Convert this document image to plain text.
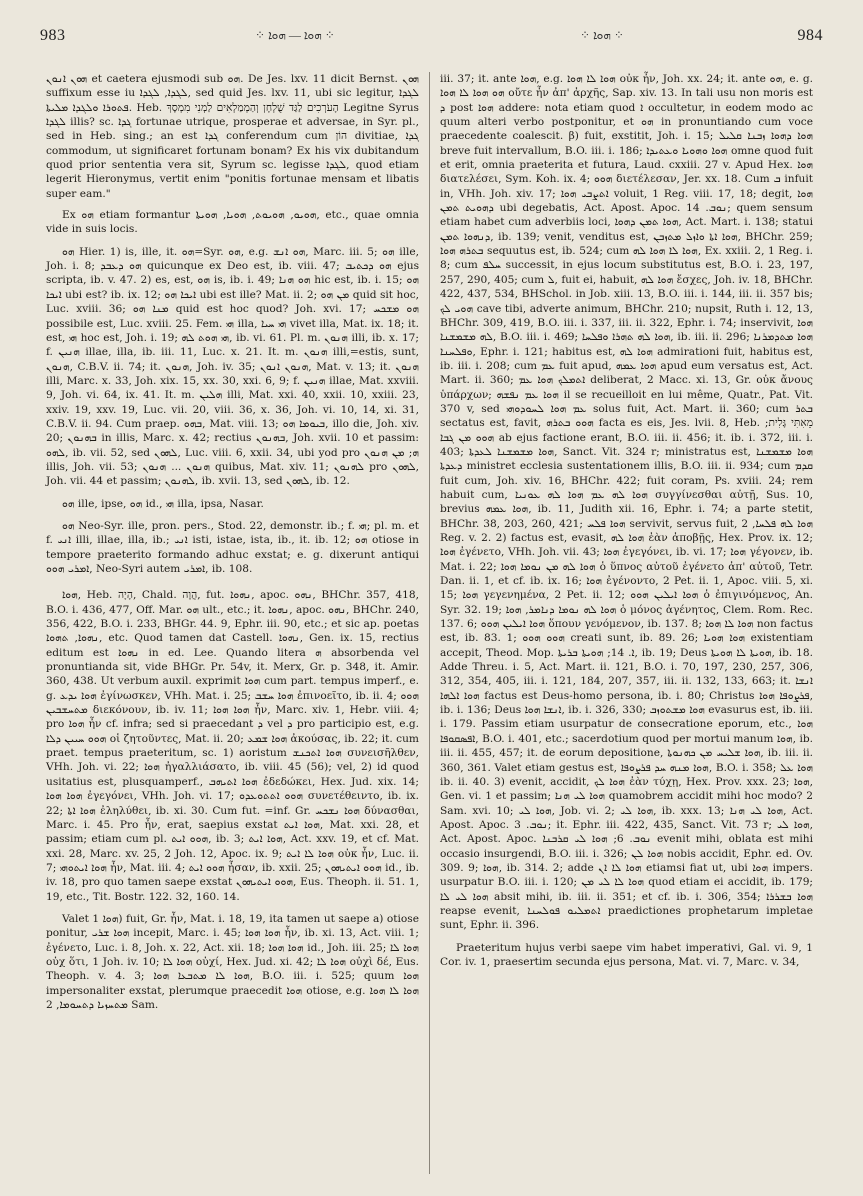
983	⁘ ܗܘܐ — ܗܘܐ ⁘	⁘ ܗܘܐ ⁘	984

ܗܘܢ ܐܢܘܢ et caetera ejusmodi sub ܗܘ. De Jes. lxv. 11 dicit Bernst. ܗܘܢ suffixum esse iu ܠܓܕܐ, ܠܓܕܐ, sed quid Jes. lxv. 11, ubi sic legitur, ܠܓܕܐ ܦܬܘܪܐ ܘܠܓܕܐ ܡܠܝܬܐ. Heb. הָעֹרְכִים לַגַּד שֻׁלְחָן וְהַמְמַלְאִים לַמְנִי מִמְסָךְ Legitne Syrus ܠܓܕܐ illis? sc. ܓܕܐ fortunae utrique, prosperae et adversae, in Syr. pl., sed in Heb. sing.; an est ܓܕܐ conferendum cum הוֹן divitiae, ܓܕܐ commodum, ut significaret fortunam bonam? Ex his vix dubitandum quod prior sententia vera sit, Syrum sc. legisse ܠܓܕܐ, quod etiam legerit Hieronymus, vertit enim "ponitis fortunae mensam et libatis super eam."

Ex ܗܘ etiam formantur ܗܘܝܘ, ܗܘܝܘܬ, ܗܘܝܐ, ܗܘܝܬܐ, etc., quae omnia vide in suis locis.

ܗܘ Hier. 1) is, ille, it. ܗܘ=Syr. ܗܘ, e.g. ܗܘ ܐܢܫ, Marc. iii. 5; ܗܘ ille, Joh. i. 8; ܗܘ ܕܥܒܕ quicunque ex Deo est, ib. viii. 47; ܗܘ ܕܟܬܝܒ ejus scripta, ib. v. 47. 2) es, est, ܗܘ is, ib. i. 49; ܗܘ ܗܢܐ hic est, ib. i. 15; ܗܘ ܐܝܟܐ ubi est? ib. ix. 12; ܐܝܟܐ ܗܘ ubi est ille? Mat. ii. 2; ܡܢ ܗܘ quid sit hoc, Luc. xviii. 36; ܡܢܐ ܗܘ quid est hoc quod? Joh. xvi. 17; ܗܘ ܡܫܟܚ possibile est, Luc. xviii. 25. Fem. ܗܝ illa, ܗܝ ܚܝܐ vivet illa, Mat. ix. 18; it. est, ܗܝ hoc est, Joh. i. 19; ܗܝ ܗܘܬ ܠܗ, ib. vi. 61. Pl. m. ܗܢܘܢ illi, ib. x. 17; f. ܗܢܝܢ illae, illa, ib. iii. 11, Luc. x. 21. It. m. ܗܢܘܢ illi,=estis, sunt, ܗܢܘܢ, C.B.V. ii. 74; it. ܗܢܘܢ, Joh. iv. 35; ܗܢܘܢ ܐܢܘܢ, Mat. v. 13; it. ܗܢܘܢ illi, Marc. x. 33, Joh. xix. 15, xx. 30, xxi. 6, 9; f. ܗܢܝܢ illae, Mat. xxviii. 9, Joh. vi. 64, ix. 41. It. m. ܗܠܝܢ illi, Mat. xxi. 40, xxii. 10, xxiii. 23, xxiv. 19, xxv. 19, Luc. vii. 20, viii. 36, x. 36, Joh. vi. 10, 14, xi. 31, C.B.V. ii. 94. Cum praep. ܒܗܘ, Mat. viii. 13; ܒܝܘܡܐ ܗܘ, illo die, Joh. xiv. 20; ܒܗܢܘܢ in illis, Marc. x. 42; rectius ܒܗܢܘܢ, Joh. xvii. 10 et passim: ܠܗܘ, ib. vii. 52, sed ܠܗܘܢ, Luc. viii. 6, xxii. 34, ubi yod pro ܗ; ܡܢ ܗܢܘܢ illis, Joh. vii. 53; ܗܢܘܢ ... ܗܢܘܢ quibus, Mat. xiv. 11; ܠܗܢܘܢ pro ܠܗܘܢ, Joh. vii. 44 et passim; ܠܗܢܘܢ, ib. xvii. 13, sed ܠܗܘܢ, ib. 12.

ܗܘ ille, ipse, ܗܘ id., ܗܝ illa, ipsa, Nasar.

ܗܘ Neo-Syr. ille, pron. pers., Stod. 22, demonstr. ib.; f. ܗܝ; pl. m. et f. ܐܢܝ illi, illae, illa, ib.; ܐܢܝ isti, istae, ista, ib., it. ib. 12; ܗܘ otiose in tempore praeterito formando adhuc exstat; e. g. dixerunt antiqui ܐܡܪܝ ܗܘܘ, Neo-Syri autem ܐܡܪܝ, ib. 108.

ܗܘܐ, Heb. הָיָה, Chald. הֲוָה, fut. ܢܗܘܐ, apoc. ܢܗܘ, BHChr. 357, 418, B.O. i. 436, 477, Off. Mar. ܗܘ ult., etc.; it. ܢܗܘܐ, apoc. ܢܗܘ, BHChr. 240, 356, 422, B.O. i. 233, BHGr. 44. 9, Ephr. iii. 90, etc.; et sic ap. poetas ܢܗܘܐ, ܬܗܘܐ, etc. Quod tamen dat Castell. ܢܗܘܐ, Gen. ix. 15, rectius editum est ܢܗܘܐ in ed. Lee. Quando litera ܗ absorbenda vel pronuntianda sit, vide BHGr. Pr. 54v, it. Merx, Gr. p. 348, it. Amir. 360, 438. Ut verbum auxil. exprimit ܗܘܐ cum part. tempus imperf., e. g. ܗܘܐ ܝܕܥ ἐγίνωσκεν, VHh. Mat. i. 25; ܗܘܐ ܚܫܒ ἐπινοεῖτο, ib. ii. 4; ܗܘܘ ܡܬܚܫܒܝܢ διεκόνουν, ib. iv. 11; ܗܘܐ ܗܘܐ ἦν, Marc. xiv. 1, Hebr. viii. 4; pro ܗܘܐ ἦν cf. infra; sed si praecedant ܕ vel ܕ pro participio est, e.g. ܗܘܘ ܚܝܝܢ ܕܠܐ οἱ ζητοῦντες, Mat. ii. 20; ܗܘܐ ܫܡܥ ἀκούσας, ib. 22; it. cum praet. tempus praeteritum, sc. 1) aoristum ܗܘܐ ܐܬܟܢܫ συνεισῆλθεν, VHh. Joh. vi. 22; ܗܘܐ ἠγαλλιάσατο, ib. viii. 45 (56); vel, 2) id quod usitatius est, plusquamperf., ܗܘܐ ܐܬܝܗܒ ἐδεδώκει, Hex. Jud. xix. 14; ܗܘܐ ܗܘܐ ἐγεγόνει, VHh. Joh. vi. 17; ܗܘܘ ܐܬܬܘܥܕܘ συνετέθειντο, ib. ix. 22; ܗܘܐ ܐܬܐ ἐληλύθει, ib. xi. 30. Cum fut. =inf. Gr. ܗܘܐ ܢܫܟܚ δύνασθαι, Marc. i. 45. Pro ἦν, erat, saepius exstat ܗܘܐ ܐܝܬ, Mat. xxi. 28, et passim; etiam cum pl. ܗܘܘ ܐܝܬ, ib. 3; ܗܘܐ ܐܝܬ, Act. xxv. 19, et cf. Mat. xxi. 28, Marc. xv. 25, 2 Joh. 12, Apoc. ix. 9; ܗܘܐ ܠܐ ܐܝܬ οὐκ ἦν, Luc. ii. 7; ܗܘܐ ܐܝܬܘܗܝ ἦν, Mat. iii. 4; ܗܘܘ ܐܝܬ ἦσαν, ib. xxii. 25; ܗܘܘ ܐܝܬܝܗܘܢ id., ib. iv. 18, pro quo tamen saepe exstat ܗܘܘ ܐܝܬܝܗܘܢ, Eus. Theoph. ii. 51. 1, 19, etc., Tit. Bostr. 122. 32, 160. 14.

Valet ܗܘܐ 1) fuit, Gr. ἦν, Mat. i. 18, 19, ita tamen ut saepe a) otiose ponitur, ܗܘܐ ܫܪܝ incepit, Marc. i. 45; ܗܘܐ ܗܘܐ ἦν, ib. xi. 13, Act. viii. 1; ἐγένετο, Luc. i. 8, Joh. x. 22, Act. xii. 18; ܗܘܐ ܗܘܐ id., Joh. iii. 25; ܗܘܐ ܠܐ οὐχ ὅτι, 1 Joh. iv. 10; ܗܘܐ ܠܐ οὐχί, Hex. Jud. xi. 42; ܗܘܐ ܠܐ οὐχὶ δέ, Eus. Theoph. v. 4. 3; ܗܘܐ ܠܐ ܡܬܒܥܐ ܗܘܐ, B.O. iii. i. 525; quum ܗܘܐ impersonaliter exstat, plerumque praecedit ܗܘܐ otiose, e.g. ܗܘܐ ܠܐ ܗܘܐ ܡܬܚܙܝܐ ܕܬܚܘܡܐ, 2 Sam.

iii. 37; it. ante ܗܘܐ, e.g. ܗܘܐ ܠܐ ܗܘܐ οὐκ ἦν, Joh. xx. 24; it. ante ܗܘ, e. g. ܗܘ ܗܘܐ ܠܐ ܗܘܐ οὔτε ἦν ἀπ' ἀρχῆς, Sap. xiv. 13. In tali usu non moris est ܕ post ܗܘܐ addere: nota etiam quod ܐ occultetur, in eodem modo ac quum alteri verbo postponitur, et ܗܘ in pronuntiando cum voce praecedente coalescit. β) fuit, exstitit, Joh. i. 15; ܗܘܐ ܕܗܘܐ ܙܒܢܐ ܩܠܝܠ breve fuit intervallum, B.O. iii. i. 186; ܗܘܐ ܘܗܘܝܐ ܘܥܬܝܕܐ omne quod fuit et erit, omnia praeterita et futura, Laud. cxxiii. 27 v. Apud Hex. ܗܘܐ διατελέσει, Sym. Koh. ix. 4; ܗܘܘ διετέλεσαν, Jer. xx. 18. Cum ܒ infuit in, VHh. Joh. xiv. 17; ܐܬܨܒܝ ܗܘܐ voluit, 1 Reg. viii. 17, 18; degit, ܗܘܐ ܕܗܘܝܬ ܬܡܢ ubi degebatis, Act. Apost. Apoc. ܢܘܒ. 14; quem sensum etiam habet cum adverbiis loci, ܗܘܐ ܬܡܢ ܕܗܘܐ, Act. Mart. i. 138; statui ܕܢܗܘܐ ܬܡܢ, ib. 139; venit, venditus est, ܗܘܐ ܐܬܐ ܘܐܙܠ ܡܬܙܒܢ, BHChr. 259; ܒܬܪܗ ܗܘܐ sequutus est, ib. 524; cum ܗܘܐ ܠܐ ܗܘܐ ܠܗ, Ex. xxiii. 2, 1 Reg. i. 8; cum ܚܠܦ successit, in ejus locum substitutus est, B.O. i. 23, 197, 257, 290, 405; cum ܠ, fuit ei, habuit, ܗܘܐ ܠܗ ἔσχες, Joh. iv. 18, BHChr. 422, 437, 534, BHSchol. in Job. xiii. 13, B.O. iii. i. 144, iii. ii. 357 bis; ܗܘܝ ܠܟ cave tibi, adverte animum, BHChr. 210; nupsit, Ruth i. 12, 13, BHChr. 309, 419, B.O. iii. i. 337, iii. ii. 322, Ephr. i. 74; inservivit, ܗܘܐ ܠܗ ܡܫܡܫܢܐ, B.O. iii. i. 469; ܗܘܐ ܠܗ ܬܗܪܐ ܘܦܠܚܐ, ib. iii. ii. 296; ܗܘܐ ܡܬܕܡܪܢܐ ܘܦܠܚܢܐ, Ephr. i. 121; habitus est, ܗܘܐ ܠܗ admirationi fuit, habitus est, ib. iii. i. 208; cum ܥܡ fuit apud, ܗܘܐ ܥܡܗ apud eum versatus est, Act. Mart. ii. 360; ܐܬܡܠܟ ܗܘܐ ܥܡ deliberat, 2 Macc. xi. 13, Gr. οὐκ ἄνους ὑπάρχων; ܗܘܐ ܥܡ ܢܦܫܗ il se recueilloit en lui même, Quatr., Pat. Vit. 370 v, sed ܥܡ ܗܘܐ ܠܚܘܕܘܗܝ solus fuit, Act. Mart. ii. 360; cum ܒܬܪ sectatus est, favit, ܗܘܘ ܒܬܪܗ facta es eis, Jes. lvii. 8, Heb. מֵאִתִּי גָּלִית; ܗܘܘ ܡܢ ܓܒܐ ab ejus factione erant, B.O. iii. ii. 456; it. ib. i. 372, iii. i. 403; ܗܘܐ ܡܫܡܫܢܐ ܠܥܕܬܐ, Sanct. Vit. 324 r; ministratus est, ܗܘܐ ܡܫܡܫܢܐ ܕܥܕܬܐ ministret ecclesia sustentationem illis, B.O. iii. ii. 934; cum ܩܕܡ fuit cum, Joh. xiv. 16, BHChr. 422; fuit coram, Ps. xviii. 24; rem habuit cum, ܗܘܐ ܠܗ ܥܡ ܗܘܐ ܠܗ ܥܘܢܝܐ συγγίνεσθαι αὐτῇ, Sus. 10, brevius ܗܘܐ ܥܡܗ, ib. 11, Judith xii. 16, Ephr. i. 74; a parte stetit, BHChr. 38, 203, 260, 421; ܗܘܐ ܦܠܚ servivit, servus fuit, ܗܘܐ ܠܗ ܦܠܚܐ, 2 Reg. v. 2. 2) factus est, evasit, ܗܘܐ ܠܗ ἐὰν ἀποβῇς, Hex. Prov. ix. 12; ܗܘܐ ἐγένετο, VHh. Joh. vii. 43; ܗܘܐ ἐγεγόνει, ib. vi. 17; ܗܘܐ γέγονεν, ib. Mat. i. 22; ܗܘܐ ܠܗ ܡܢ ܢܘܡܐ ܗܘܐ ὁ ὕπνος αὐτοῦ ἐγένετο ἀπ' αὐτοῦ, Tetr. Dan. ii. 1, et cf. ib. ix. 16; ܗܘܐ ἐγένοντο, 2 Pet. ii. 1, Apoc. viii. 5, xi. 15; ܗܘܐ γεγενημένα, 2 Pet. ii. 12; ܗܘܐ ܐܝܠܝܢ ܗܘܘ ὁ ἐπιγινόμενος, An. Syr. 32. 19; ܗܘܐ ܠܗ ܢܘܡܐ ܕܢܐܡܪ, ܗܘܐ ὁ μόνος ἀγένητος, Clem. Rom. Rec. 137. 6; ܗܘܐ ܐܝܠܝܢ ܗܘܘ ὅπουν γενόμενον, ib. 137. 8; ܗܘܐ ܠܐ ܗܘܐ non factus est, ib. 83. 1; ܗܘܘ ܗܘܘ creati sunt, ib. 89. 26; ܗܘܐ ܗܘܝܐ existentiam accepit, Theod. Mop. ܐ. 14; ܗܘܝܬܐ ܒܪܝܬܐ, ib. 19; Deus ܗܘܝܬܐ ܠܐ ܗܘܝܬܐ, ib. 18. Adde Threu. i. 5, Act. Mart. ii. 121, B.O. i. 70, 197, 230, 257, 306, 312, 354, 405, iii. i. 121, 184, 207, 357, iii. ii. 132, 133, 663; it. ܐܢܫܐ ܗܘܐ ܐܠܗܐ factus est Deus-homo persona, ib. i. 80; Christus ܦܪܨܘܦܐ ܗܘܐ, ib. i. 136; Deus ܐܢܫܐ ܗܘܐ, ib. i. 326, 330; ܗܘܐ ܡܫܬܘܙܒ evasurus est, ib. iii. i. 179. Passim etiam usurpatur de consecratione eporum, etc., ܗܘܐ ܐܦܣܩܘܦܐ, B.O. i. 401, etc.; sacerdotium quod per mortui manum ܗܘܐ, ib. iii. ii. 455, 457; it. de eorum depositione, ܗܘܐ ܫܠܝܚ ܡܢ ܟܗܢܘܬܐ, ib. iii. ii. 360, 361. Valet etiam gestus est, ܗܘܐ ܡܢܗ ܚܕ ܦܪܨܘܦܐ, B.O. i. 358; ܗܘܐ ܥܠ ib. ii. 40. 3) evenit, accidit, ܗܘܐ ܠܟ ἐὰν τύχῃ, Hex. Prov. xxx. 23; ܗܘܐ, Gen. vi. 1 et passim; ܗܘܐ ܠܝ ܗܢܐ quamobrem accidit mihi hoc modo? 2 Sam. xvi. 10; ܗܘܐ ܠܝ, Job. vi. 2; ܗܘܐ ܠܝ, ib. xxx. 13; ܗܘܐ ܠܝ ܗܢܐ, Act. Apost. Apoc. ܢܘܒ. 3; it. Ephr. iii. 422, 435, Sanct. Vit. 73 r; ܗܘܐ ܠܝ, Act. Apost. Apoc. ܢܘܒ. 6; ܗܘܐ ܠܝ ܩܪܒܢܐ evenit mihi, oblata est mihi occasio insurgendi, B.O. iii. i. 326; ܗܘܐ ܠܢ nobis accidit, Ephr. ed. Ov. 309. 9; ܗܘܐ, ib. 314. 2; adde ܗܘܐ ܠܐ ܐܢ etiamsi fiat ut, ubi ܗܘܐ impers. usurpatur B.O. iii. i. 120; ܗܘܐ ܠܐ ܠܝ ܡܢ quod etiam ei accidit, ib. 179; ܗܘܐ ܠܝ ܠܐ absit mihi, ib. iii. ii. 351; et cf. ib. i. 306, 354; ܗܘܐ ܒܫܪܪܐ reapse evenit, ܐܬܡܠܝܘ ܦܘܠܚܢܐ praedictiones prophetarum impletae sunt, Ephr. ii. 396.

Praeteritum hujus verbi saepe vim habet imperativi, Gal. vi. 9, 1 Cor. iv. 1, praesertim secunda ejus persona, Mat. vi. 7, Marc. v. 34,
